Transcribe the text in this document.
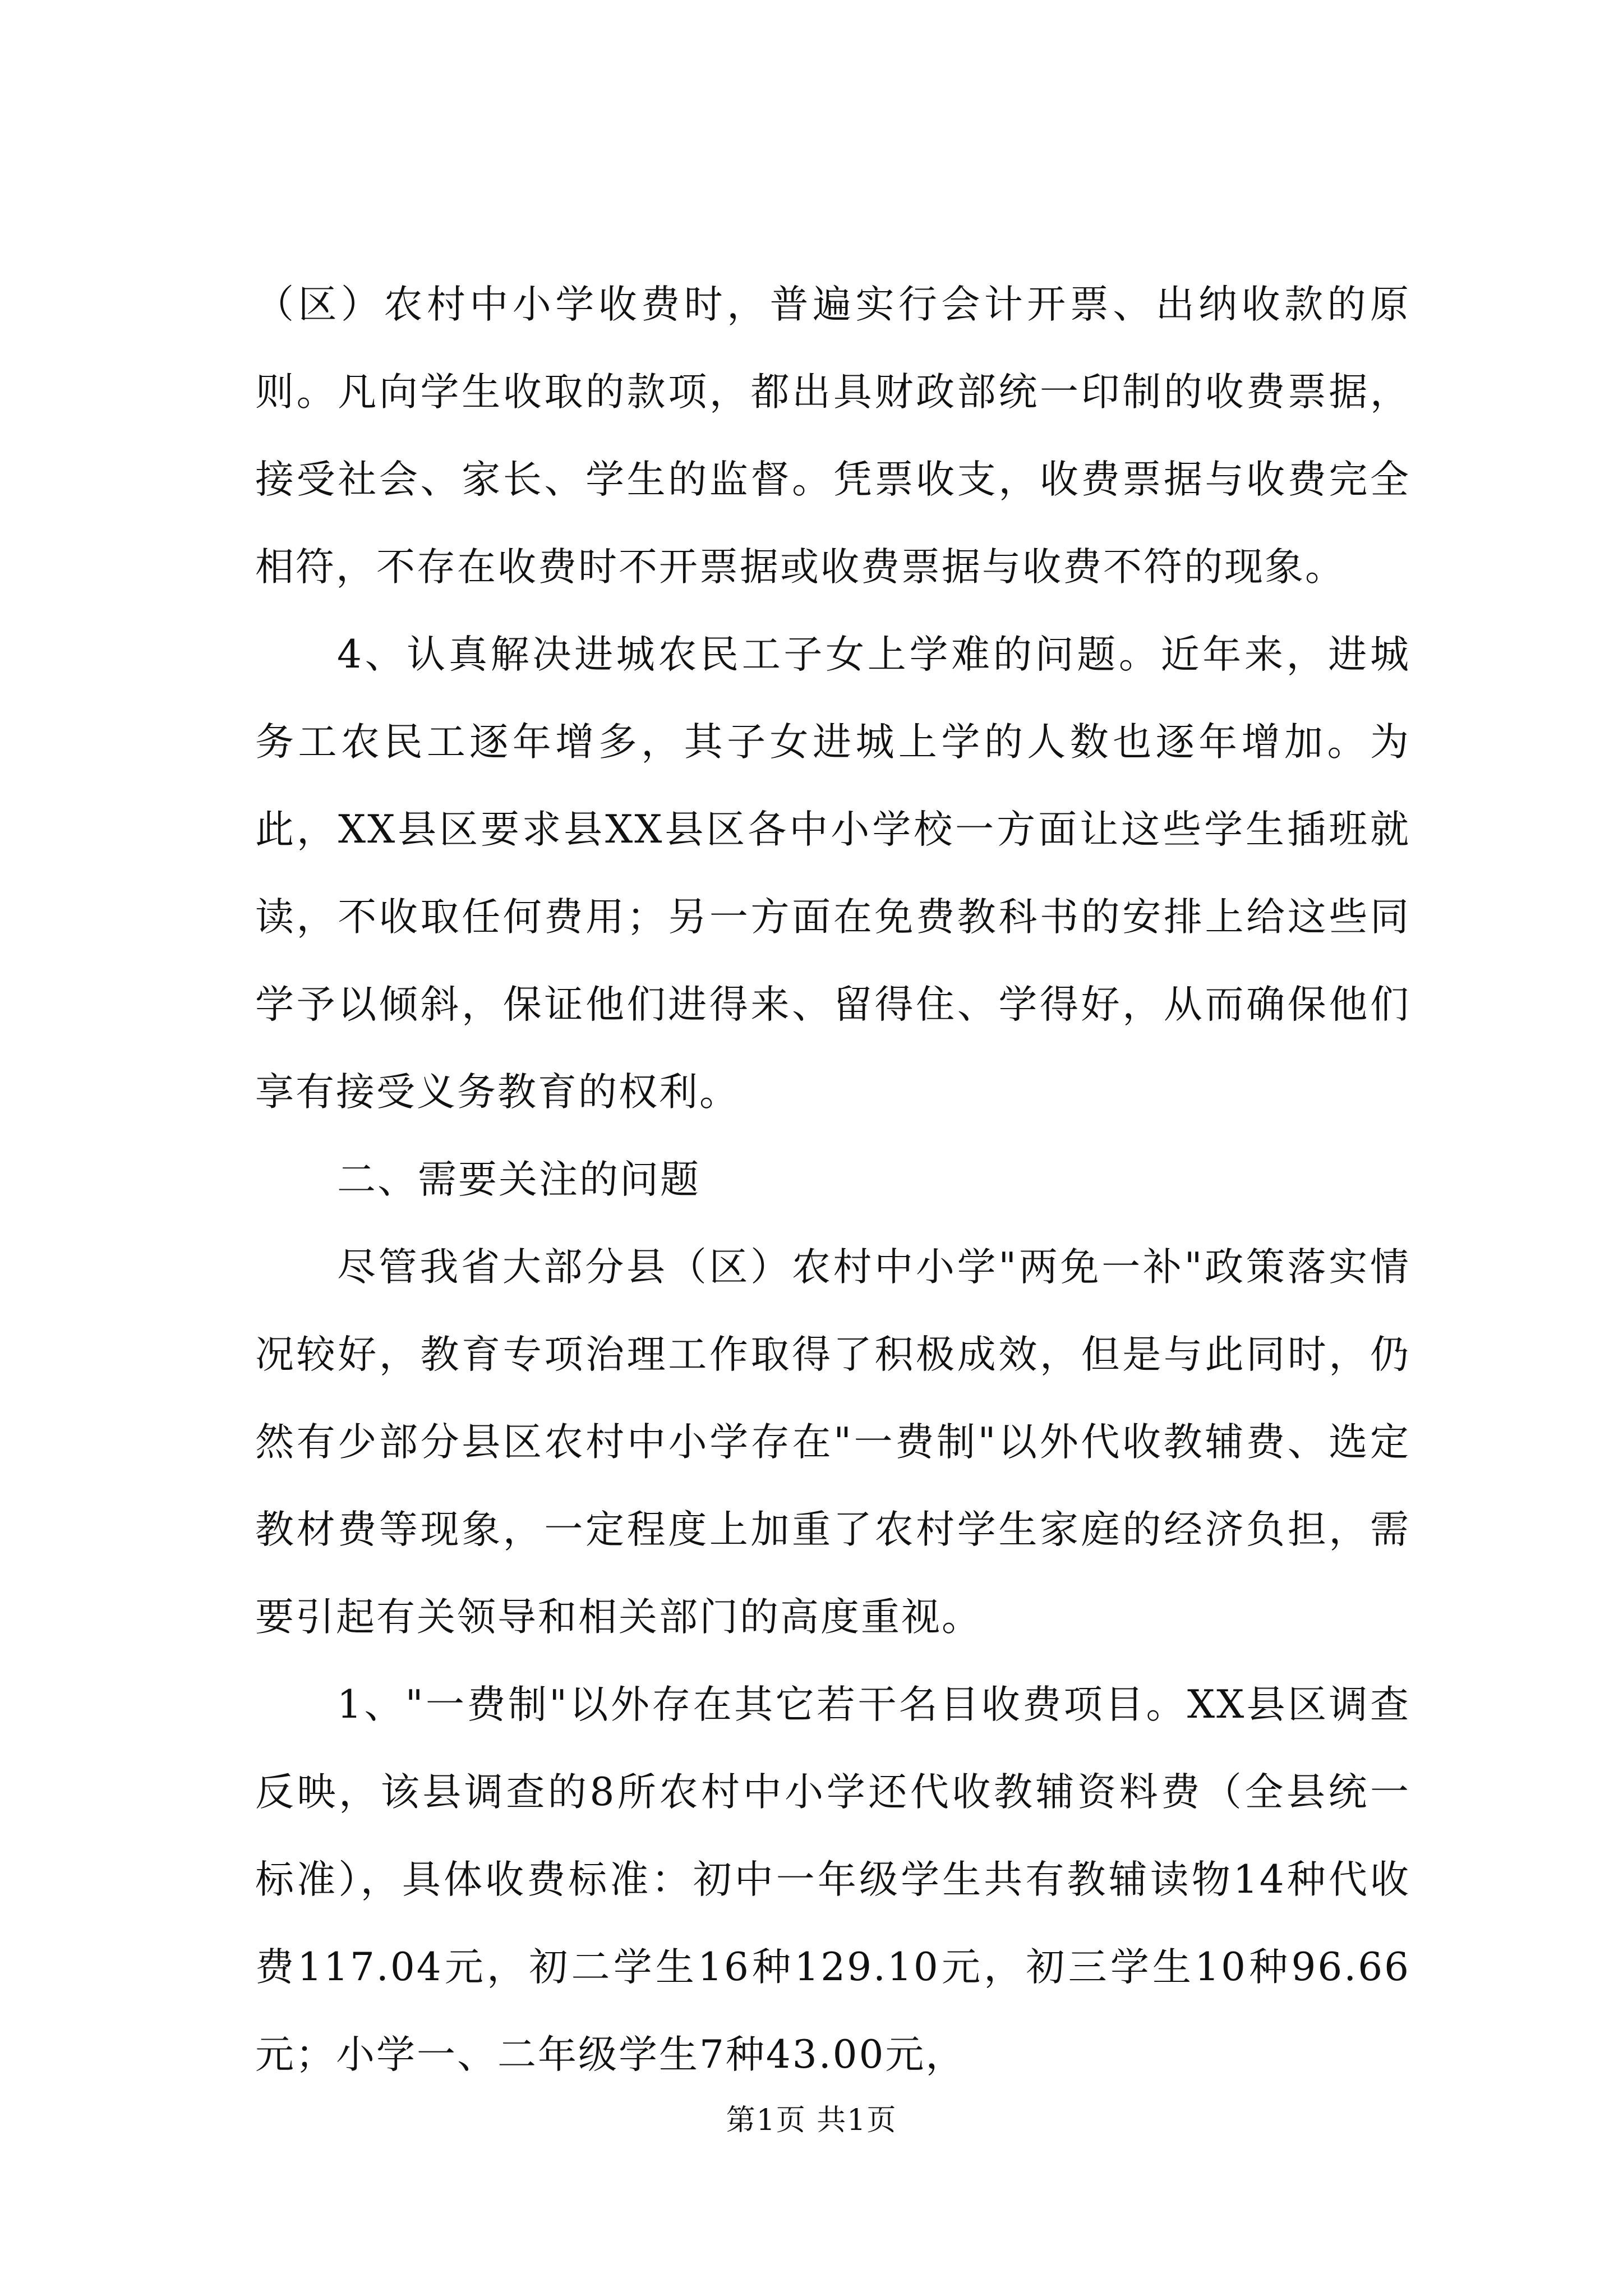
（区）农村中小学收费时，普遍实行会计开票、出纳收款的原则。凡向学生收取的款项，都出具财政部统一印制的收费票据，接受社会、家长、学生的监督。凭票收支，收费票据与收费完全相符，不存在收费时不开票据或收费票据与收费不符的现象。

4、认真解决进城农民工子女上学难的问题。近年来，进城务工农民工逐年增多，其子女进城上学的人数也逐年增加。为此，XX县区要求县XX县区各中小学校一方面让这些学生插班就读，不收取任何费用；另一方面在免费教科书的安排上给这些同学予以倾斜，保证他们进得来、留得住、学得好，从而确保他们享有接受义务教育的权利。

二、需要关注的问题

尽管我省大部分县（区）农村中小学"两免一补"政策落实情况较好，教育专项治理工作取得了积极成效，但是与此同时，仍然有少部分县区农村中小学存在"一费制"以外代收教辅费、选定教材费等现象，一定程度上加重了农村学生家庭的经济负担，需要引起有关领导和相关部门的高度重视。

1、"一费制"以外存在其它若干名目收费项目。XX县区调查反映，该县调查的8所农村中小学还代收教辅资料费（全县统一标准），具体收费标准：初中一年级学生共有教辅读物14种代收费117.04元，初二学生16种129.10元，初三学生10种96.66元；小学一、二年级学生7种43.00元，

第1页 共1页
